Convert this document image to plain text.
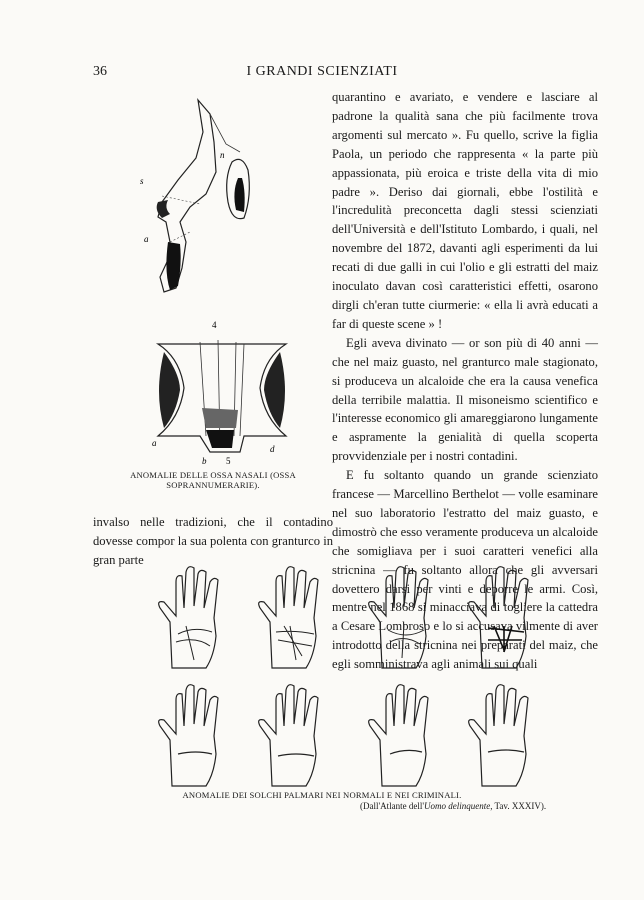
36	I GRANDI SCIENZIATI
n
s
a
4
a
b 5
d
ANOMALIE DELLE OSSA NASALI (OSSA SOPRANNUMERARIE).

invalso nelle tradizioni, che il contadino dovesse compor la sua polenta con granturco in gran parte

quarantino e avariato, e vendere e lasciare al padrone la qualità sana che più facilmente trova argomenti sul mercato ». Fu quello, scrive la figlia Paola, un periodo che rappresenta « la parte più appassionata, più eroica e triste della vita di mio padre ». Deriso dai giornali, ebbe l'ostilità e l'incredulità preconcetta dagli stessi scienziati dell'Università e dell'Istituto Lombardo, i quali, nel novembre del 1872, davanti agli esperimenti da lui recati di due galli in cui l'olio e gli estratti del maiz inoculato davan così caratteristici effetti, osarono dirgli ch'eran tutte ciurmerie: « ella li avrà educati a far di queste scene » !

Egli aveva divinato — or son più di 40 anni — che nel maiz guasto, nel granturco male stagionato, si produceva un alcaloide che era la causa venefica della terribile malattia. Il misoneismo scientifico e l'interesse economico gli amareggiarono lungamente e aspramente la genialità di quella scoperta provvidenziale per i nostri contadini.

E fu soltanto quando un grande scienziato francese — Marcellino Berthelot — volle esaminare nel suo laboratorio l'estratto del maiz guasto, e dimostrò che esso veramente produceva un alcaloide che somigliava per i suoi caratteri venefici alla stricnina — fu soltanto allora che gli avversari dovettero darsi per vinti e deporre le armi. Così, mentre nel 1868 si minacciava di togliere la cattedra a Cesare Lombroso e lo si accusava vilmente di aver introdotto della stricnina nei preparati del maiz, che egli somministrava agli animali sui quali

ANOMALIE DEI SOLCHI PALMARI NEI NORMALI E NEI CRIMINALI.
(Dall'Atlante dell'Uomo delinquente, Tav. XXXIV).
